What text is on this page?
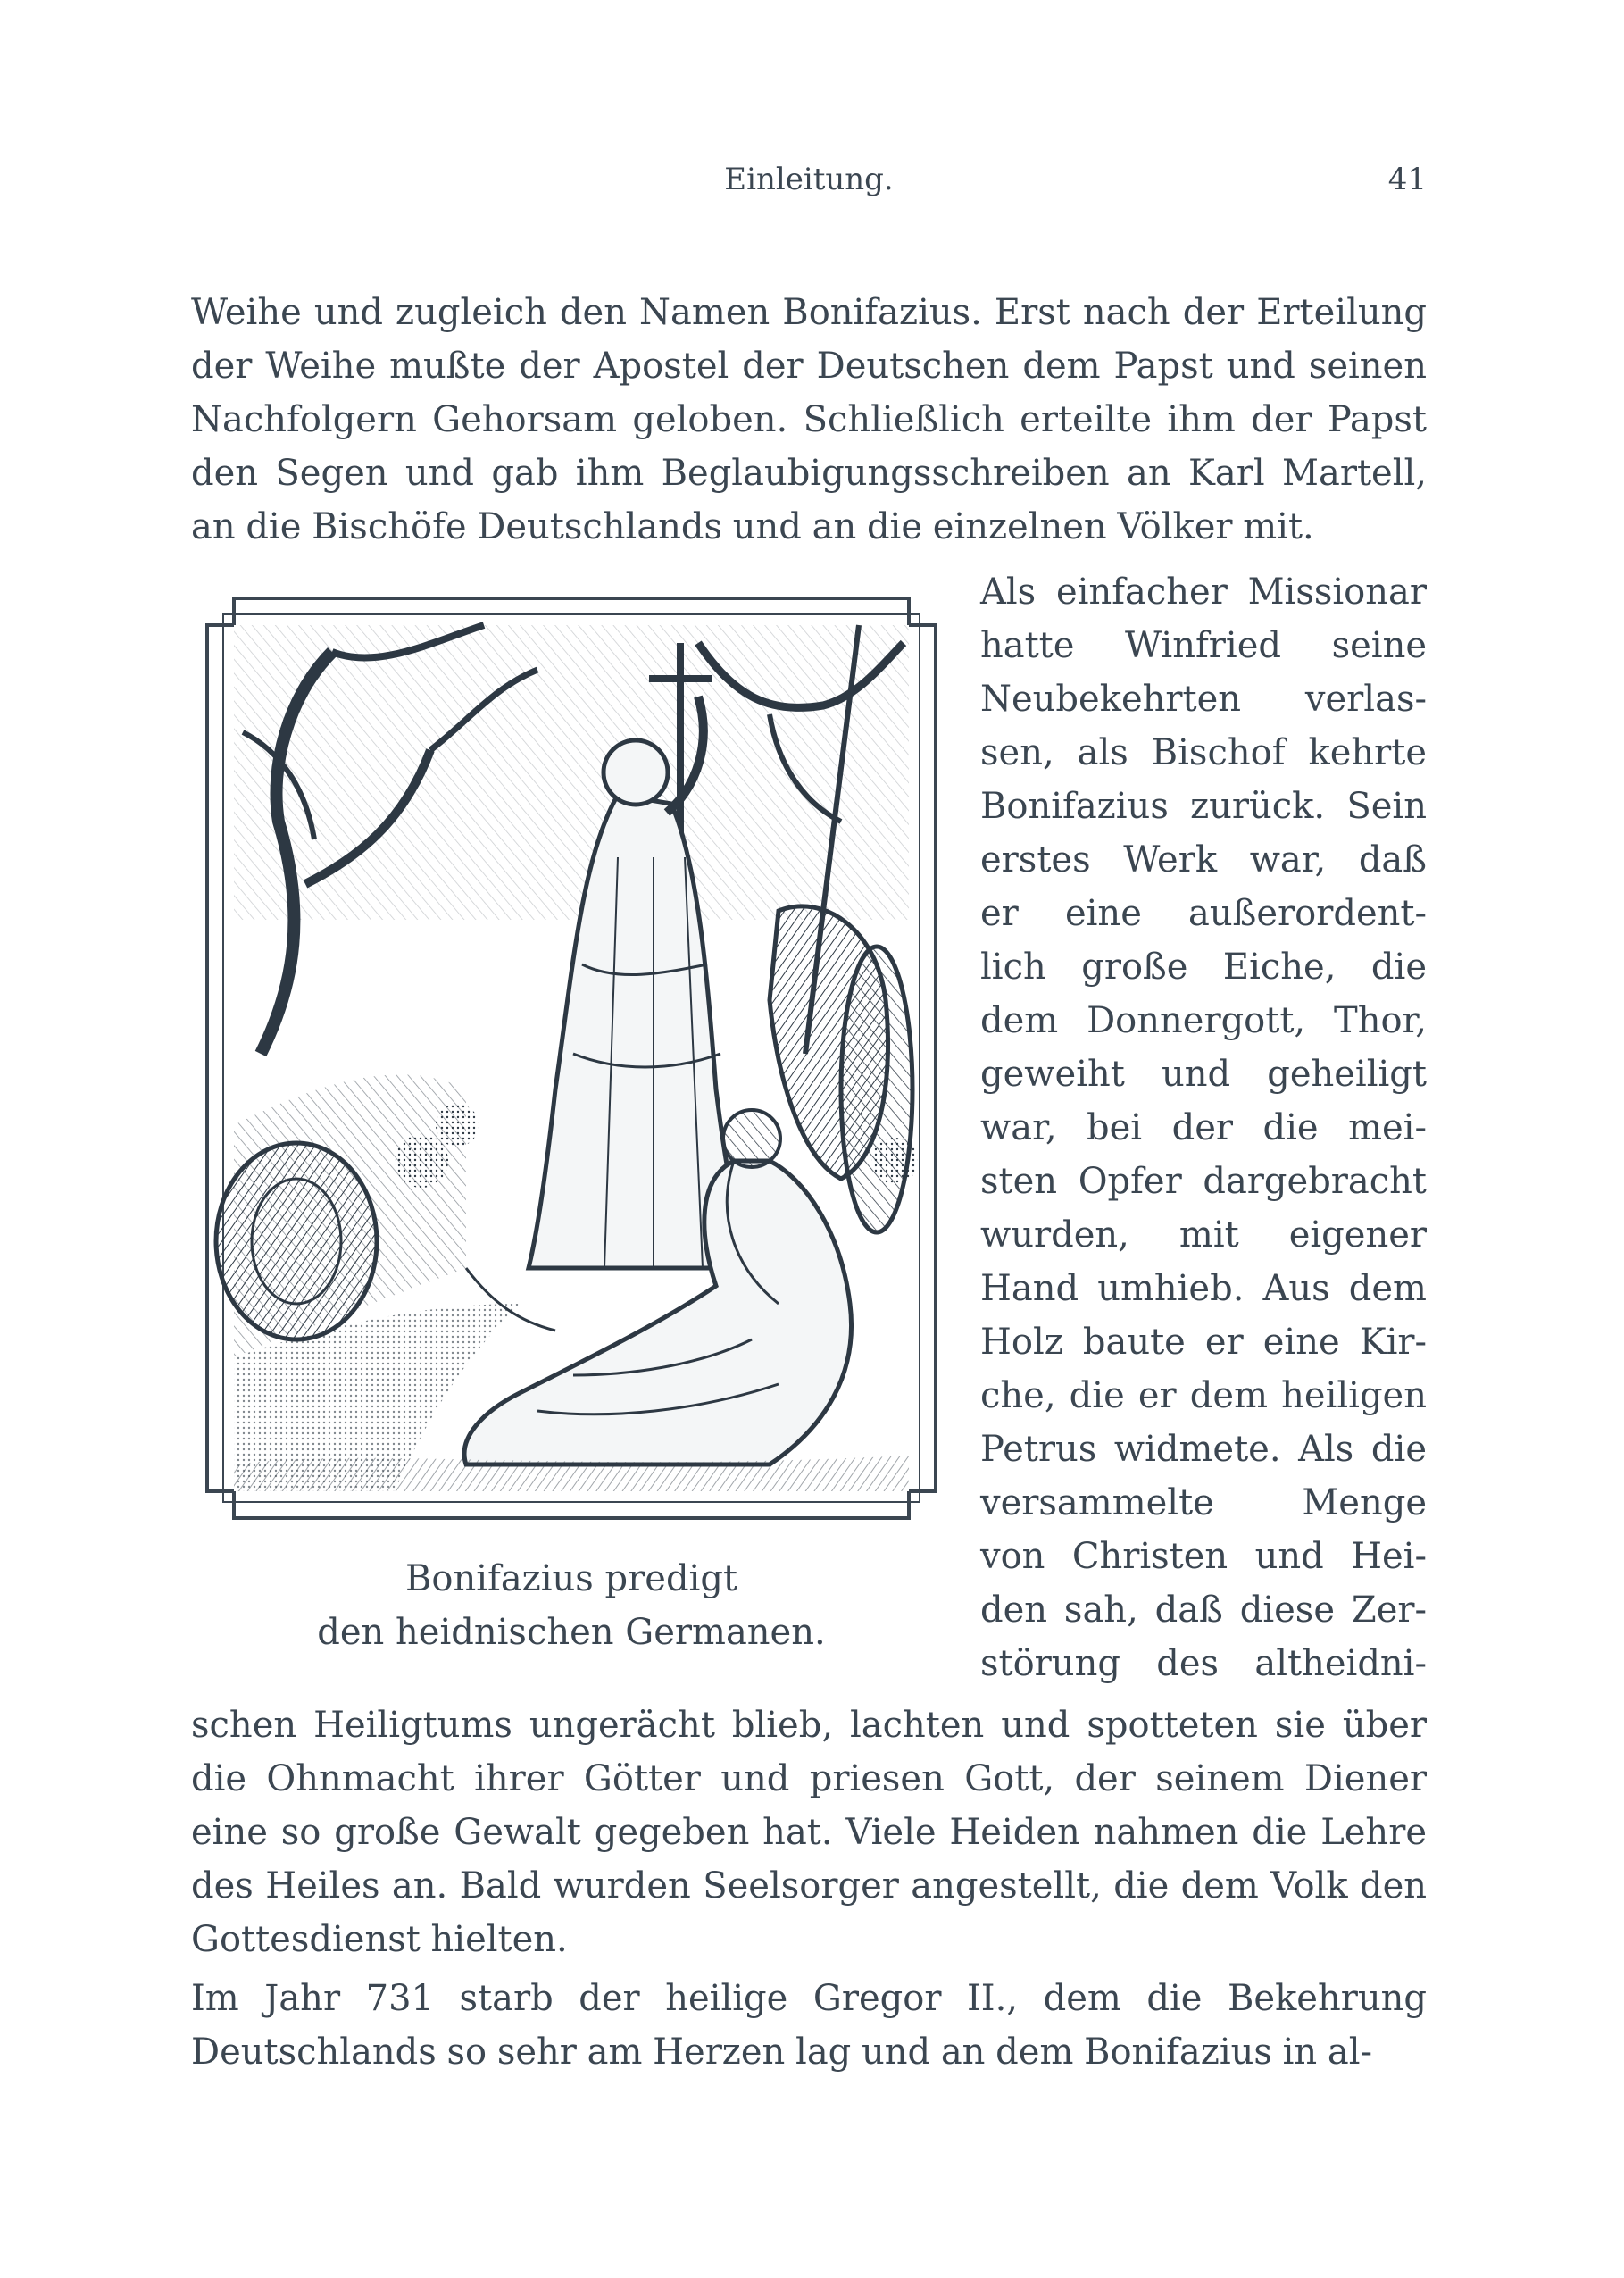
Einleitung.	41

Weihe und zugleich den Namen Bonifazius. Erst nach der Erteilung der Weihe mußte der Apostel der Deutschen dem Papst und seinen Nachfolgern Gehorsam geloben. Schließlich erteilte ihm der Papst den Segen und gab ihm Beglaubigungsschreiben an Karl Martell, an die Bischöfe Deutschlands und an die einzelnen Völker mit.

Bonifazius predigt
den heidnischen Germanen.
Als einfacher Missionar
hatte Winfried seine
Neubekehrten verlas-
sen, als Bischof kehrte
Bonifazius zurück. Sein
erstes Werk war, daß
er eine außerordent-
lich große Eiche, die
dem Donnergott, Thor,
geweiht und geheiligt
war, bei der die mei-
sten Opfer dargebracht
wurden, mit eigener
Hand umhieb. Aus dem
Holz baute er eine Kir-
che, die er dem heiligen
Petrus widmete. Als die
versammelte Menge
von Christen und Hei-
den sah, daß diese Zer-
störung des altheidni-

schen Heiligtums ungerächt blieb, lachten und spotteten sie über die Ohnmacht ihrer Götter und priesen Gott, der seinem Diener eine so große Gewalt gegeben hat. Viele Heiden nahmen die Lehre des Heiles an. Bald wurden Seelsorger angestellt, die dem Volk den Gottesdienst hielten.

Im Jahr 731 starb der heilige Gregor II., dem die Bekehrung Deutschlands so sehr am Herzen lag und an dem Bonifazius in al-
